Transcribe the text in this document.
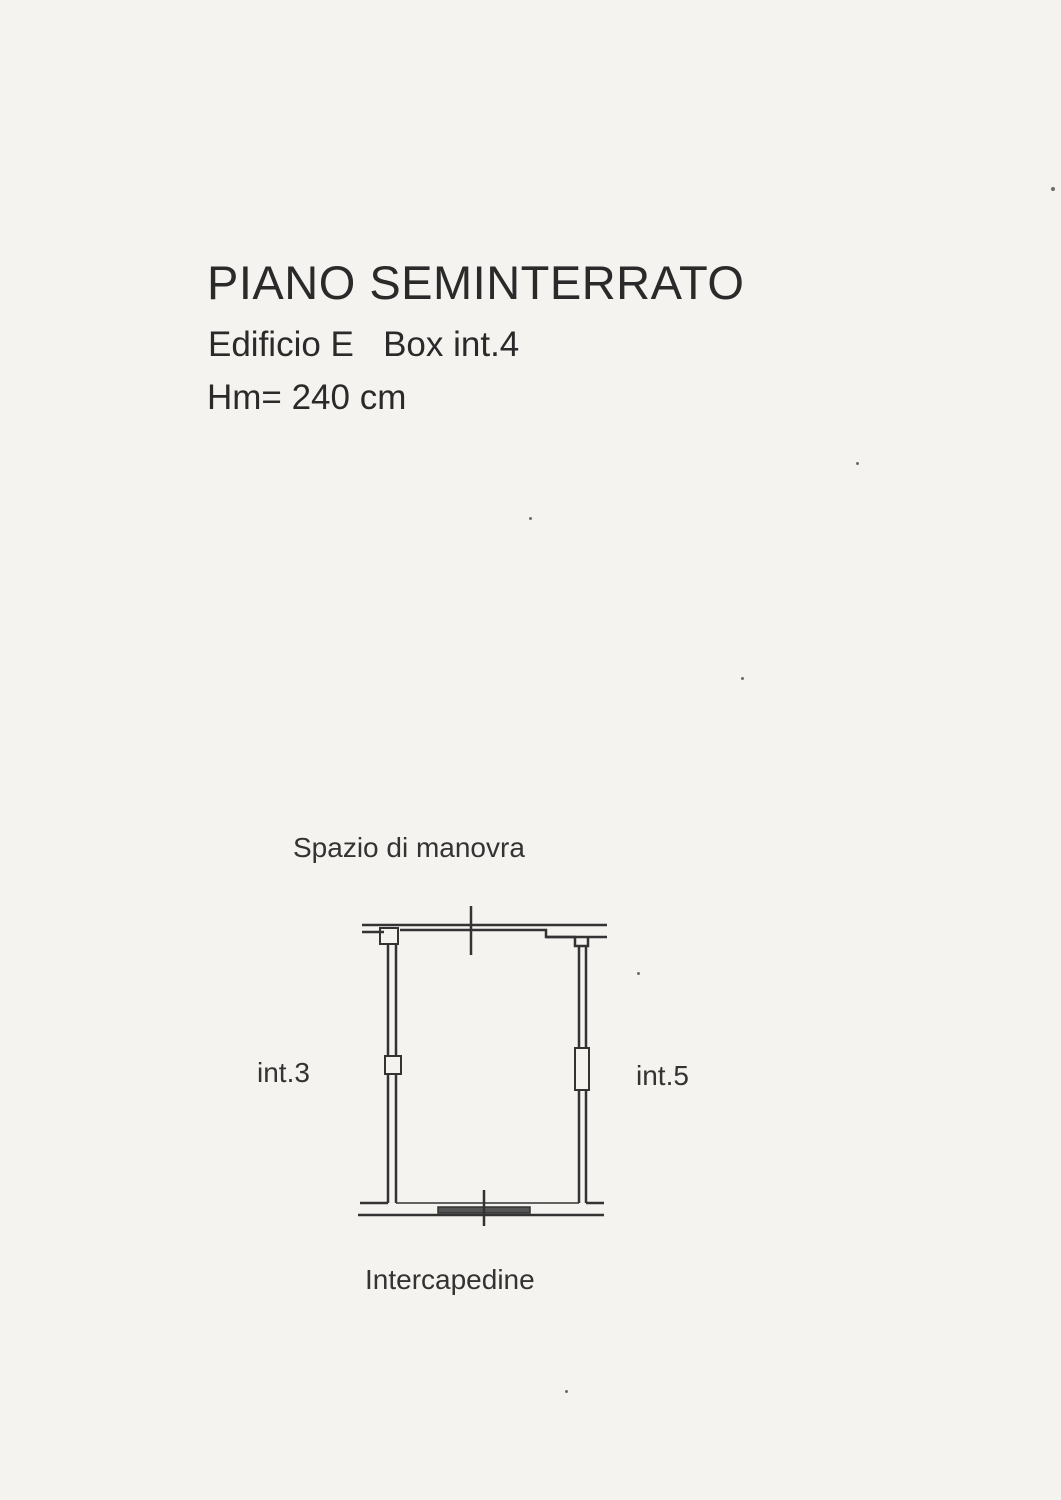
PIANO SEMINTERRATO
Edificio E   Box int.4
Hm= 240 cm
Spazio di manovra
int.3	int.5
Intercapedine
